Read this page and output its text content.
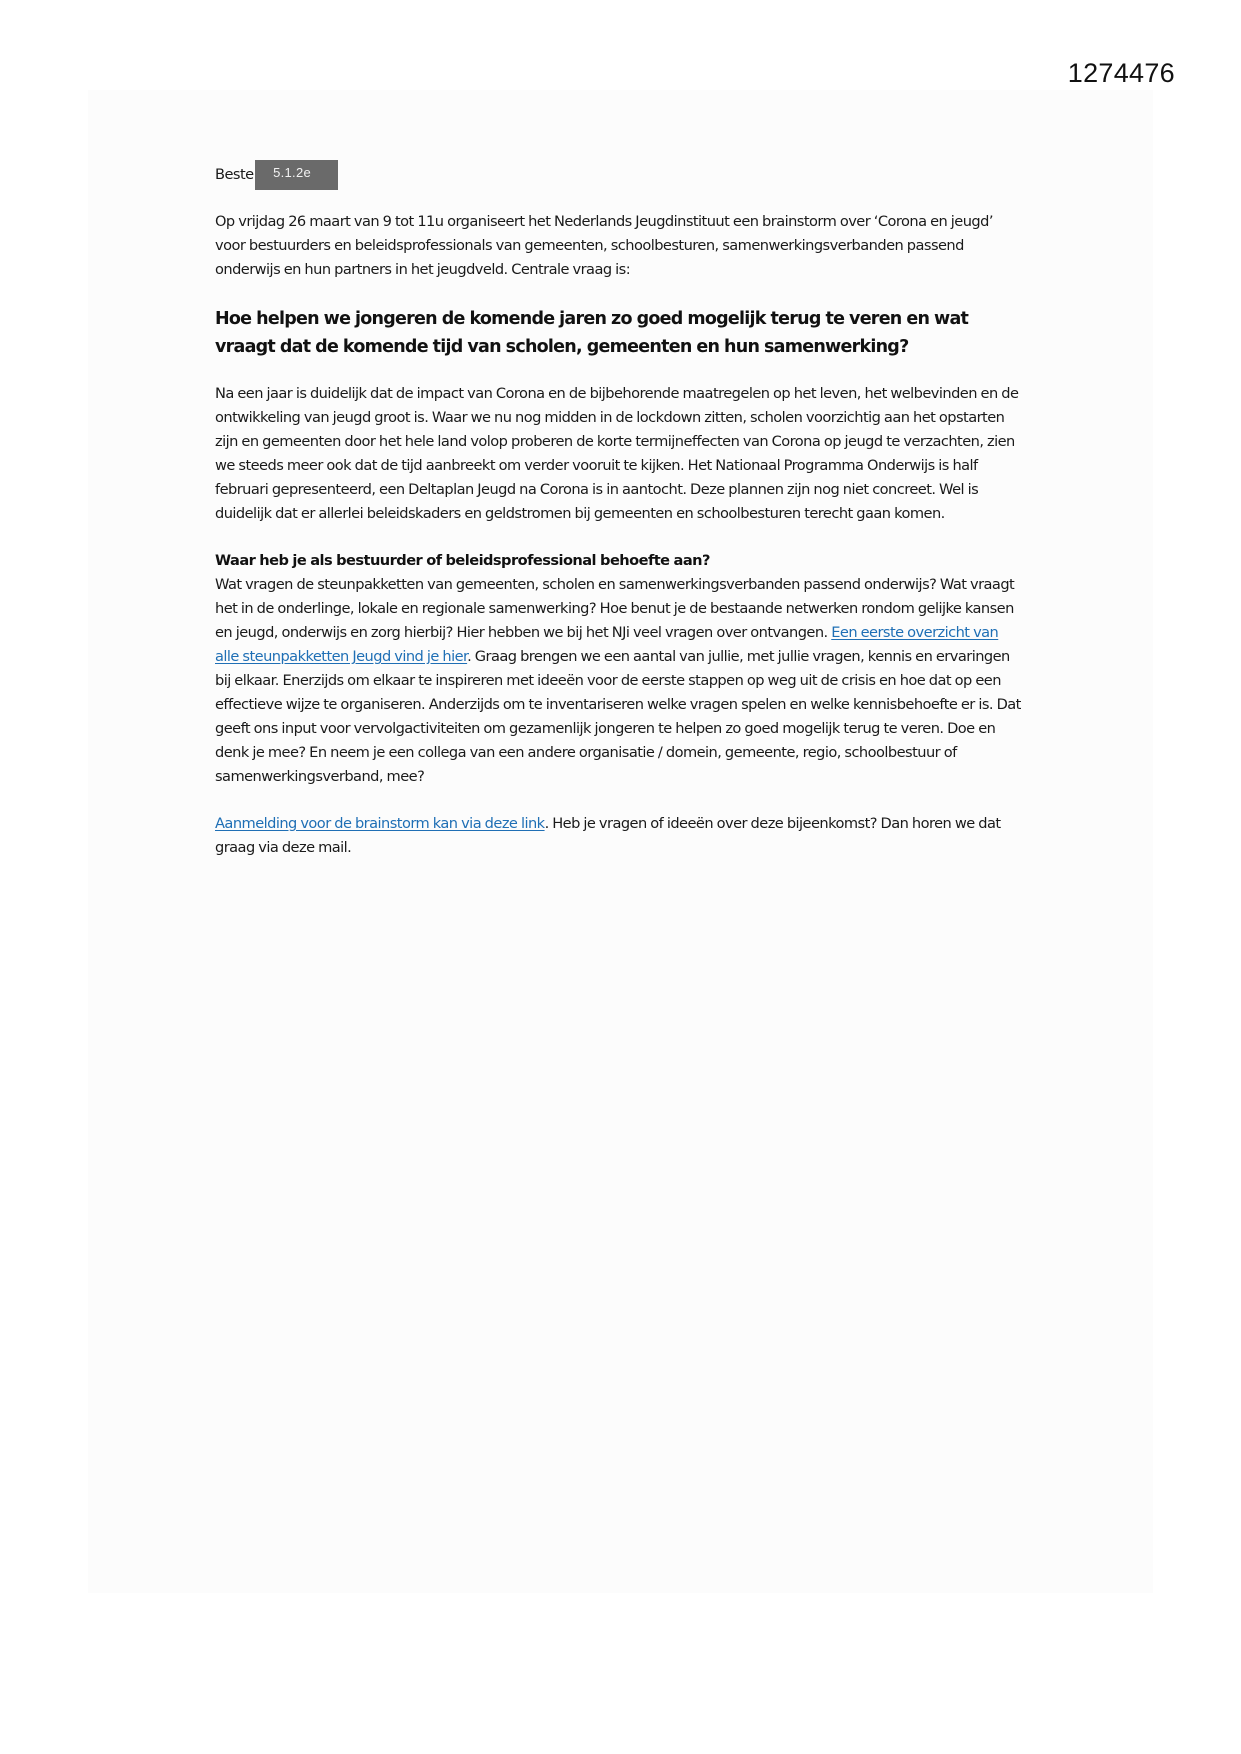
1274476
Beste	5.1.2e

Op vrijdag 26 maart van 9 tot 11u organiseert het Nederlands Jeugdinstituut een brainstorm over ‘Corona en jeugd’ voor bestuurders en beleidsprofessionals van gemeenten, schoolbesturen, samenwerkingsverbanden passend onderwijs en hun partners in het jeugdveld. Centrale vraag is:

Hoe helpen we jongeren de komende jaren zo goed mogelijk terug te veren en wat vraagt dat de komende tijd van scholen, gemeenten en hun samenwerking?

Na een jaar is duidelijk dat de impact van Corona en de bijbehorende maatregelen op het leven, het welbevinden en de ontwikkeling van jeugd groot is. Waar we nu nog midden in de lockdown zitten, scholen voorzichtig aan het opstarten zijn en gemeenten door het hele land volop proberen de korte termijneffecten van Corona op jeugd te verzachten, zien we steeds meer ook dat de tijd aanbreekt om verder vooruit te kijken. Het Nationaal Programma Onderwijs is half februari gepresenteerd, een Deltaplan Jeugd na Corona is in aantocht. Deze plannen zijn nog niet concreet. Wel is duidelijk dat er allerlei beleidskaders en geldstromen bij gemeenten en schoolbesturen terecht gaan komen.

Waar heb je als bestuurder of beleidsprofessional behoefte aan?
Wat vragen de steunpakketten van gemeenten, scholen en samenwerkingsverbanden passend onderwijs? Wat vraagt het in de onderlinge, lokale en regionale samenwerking? Hoe benut je de bestaande netwerken rondom gelijke kansen en jeugd, onderwijs en zorg hierbij? Hier hebben we bij het NJi veel vragen over ontvangen. Een eerste overzicht van alle steunpakketten Jeugd vind je hier. Graag brengen we een aantal van jullie, met jullie vragen, kennis en ervaringen bij elkaar. Enerzijds om elkaar te inspireren met ideeën voor de eerste stappen op weg uit de crisis en hoe dat op een effectieve wijze te organiseren. Anderzijds om te inventariseren welke vragen spelen en welke kennisbehoefte er is. Dat geeft ons input voor vervolgactiviteiten om gezamenlijk jongeren te helpen zo goed mogelijk terug te veren. Doe en denk je mee? En neem je een collega van een andere organisatie / domein, gemeente, regio, schoolbestuur of samenwerkingsverband, mee?

Aanmelding voor de brainstorm kan via deze link. Heb je vragen of ideeën over deze bijeenkomst? Dan horen we dat graag via deze mail.
